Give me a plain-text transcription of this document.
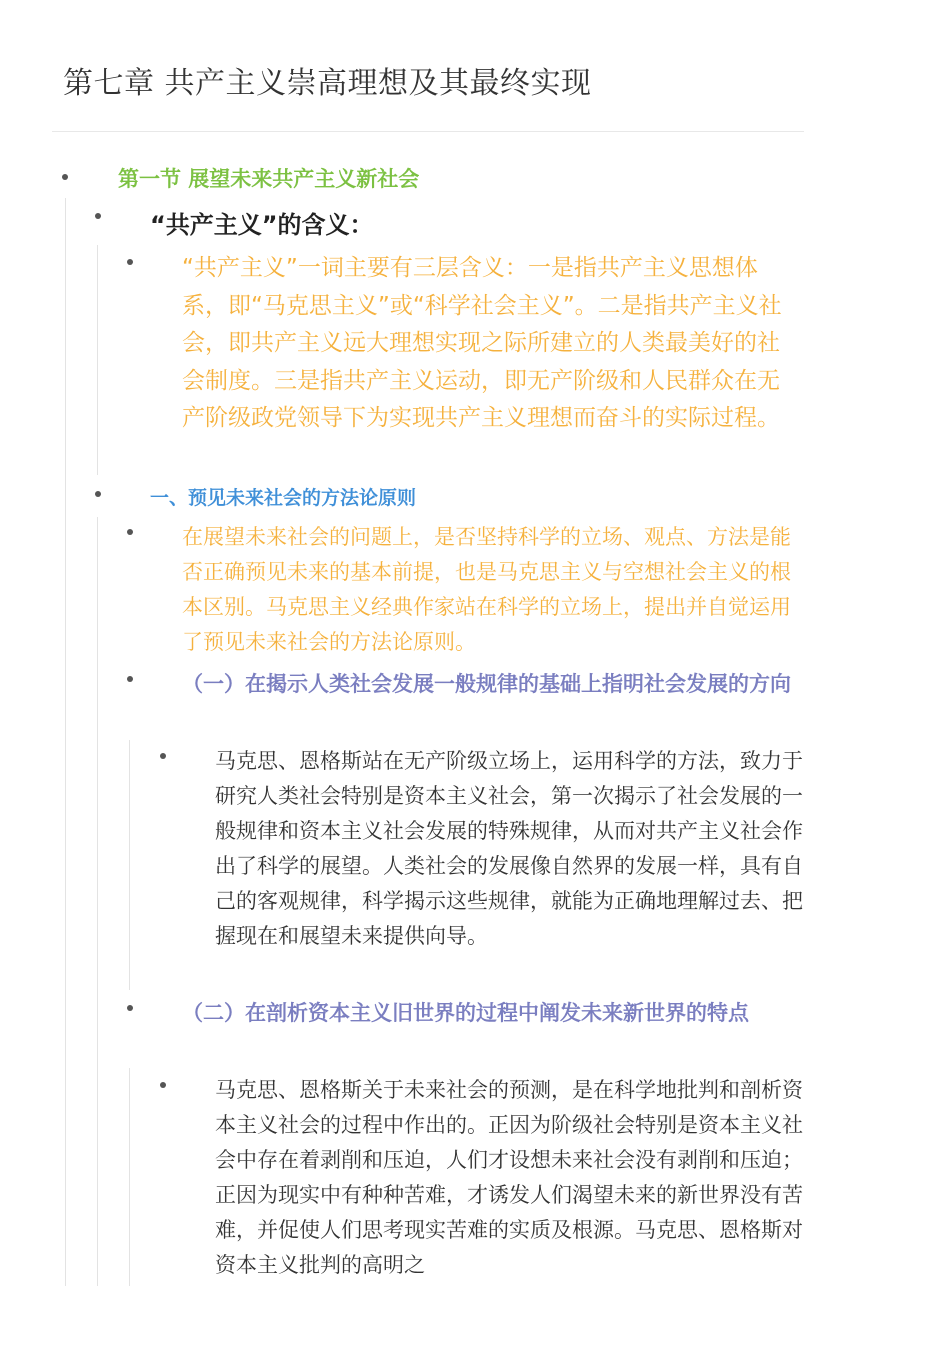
第七章 共产主义崇高理想及其最终实现
第一节 展望未来共产主义新社会
“共产主义”的含义：

“共产主义”一词主要有三层含义：一是指共产主义思想体系，即“马克思主义”或“科学社会主义”。二是指共产主义社会，即共产主义远大理想实现之际所建立的人类最美好的社会制度。三是指共产主义运动，即无产阶级和人民群众在无产阶级政党领导下为实现共产主义理想而奋斗的实际过程。

一、预见未来社会的方法论原则

在展望未来社会的问题上，是否坚持科学的立场、观点、方法是能否正确预见未来的基本前提，也是马克思主义与空想社会主义的根本区别。马克思主义经典作家站在科学的立场上，提出并自觉运用了预见未来社会的方法论原则。

（一）在揭示人类社会发展一般规律的基础上指明社会发展的方向

马克思、恩格斯站在无产阶级立场上，运用科学的方法，致力于研究人类社会特别是资本主义社会，第一次揭示了社会发展的一般规律和资本主义社会发展的特殊规律，从而对共产主义社会作出了科学的展望。人类社会的发展像自然界的发展一样，具有自己的客观规律，科学揭示这些规律，就能为正确地理解过去、把握现在和展望未来提供向导。

（二）在剖析资本主义旧世界的过程中阐发未来新世界的特点

马克思、恩格斯关于未来社会的预测，是在科学地批判和剖析资本主义社会的过程中作出的。正因为阶级社会特别是资本主义社会中存在着剥削和压迫，人们才设想未来社会没有剥削和压迫；正因为现实中有种种苦难，才诱发人们渴望未来的新世界没有苦难，并促使人们思考现实苦难的实质及根源。马克思、恩格斯对资本主义批判的高明之
